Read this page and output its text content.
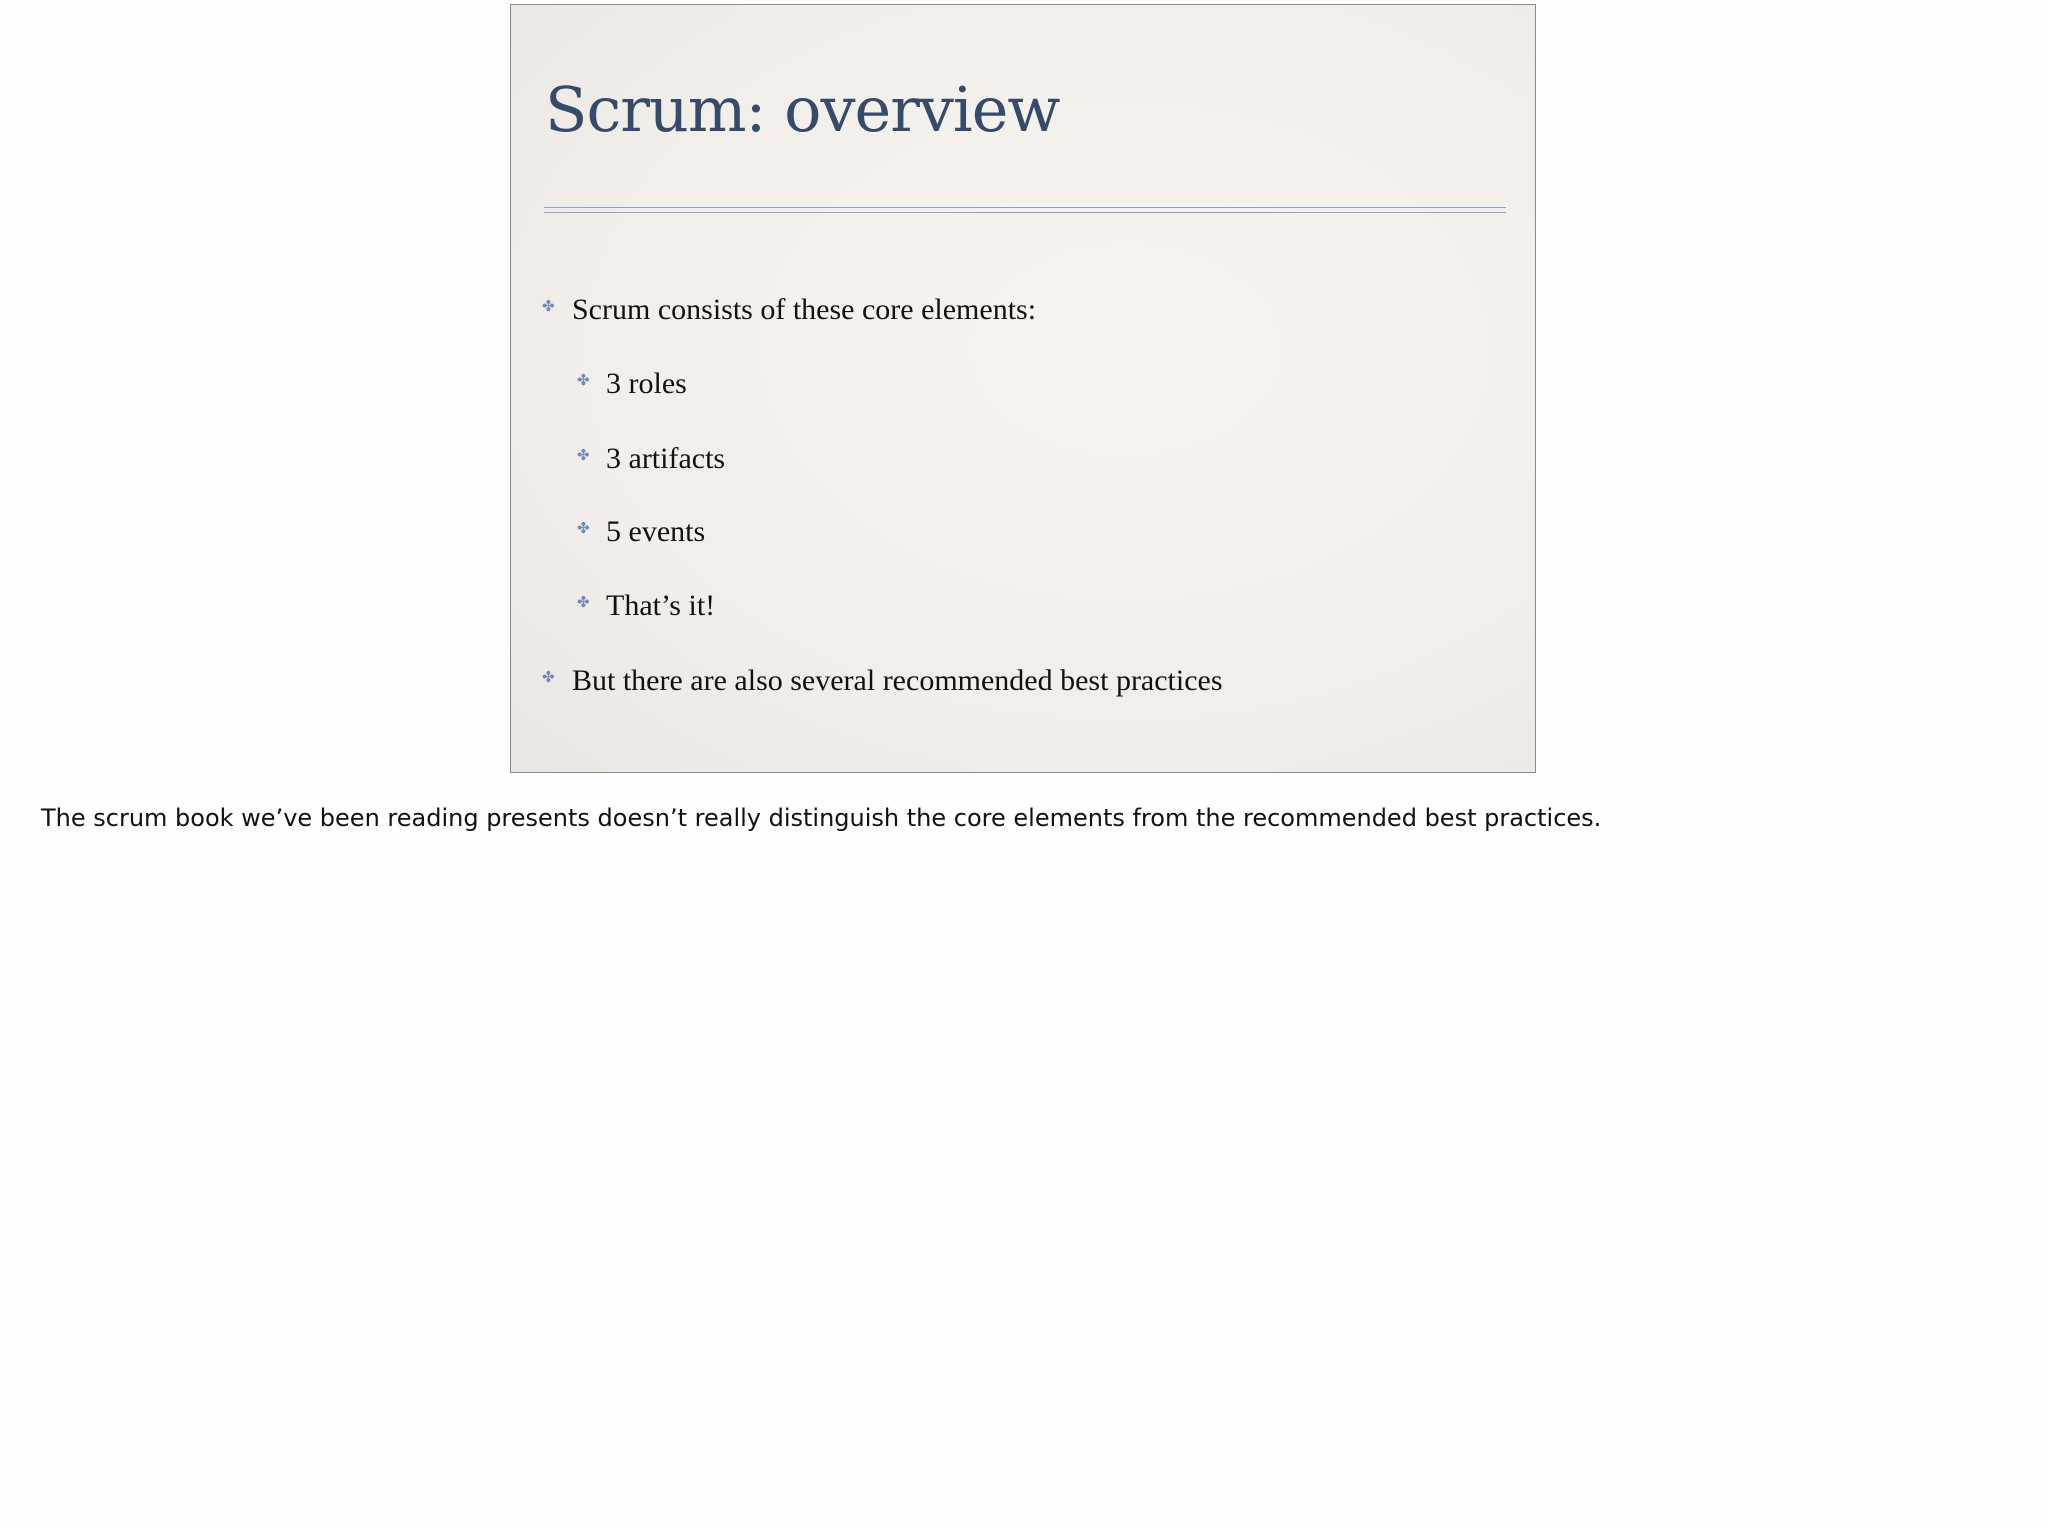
Scrum: overview
✤ Scrum consists of these core elements:
✤ 3 roles
✤ 3 artifacts
✤ 5 events
✤ That’s it!
✤ But there are also several recommended best practices
The scrum book we’ve been reading presents doesn’t really distinguish the core elements from the recommended best practices.
